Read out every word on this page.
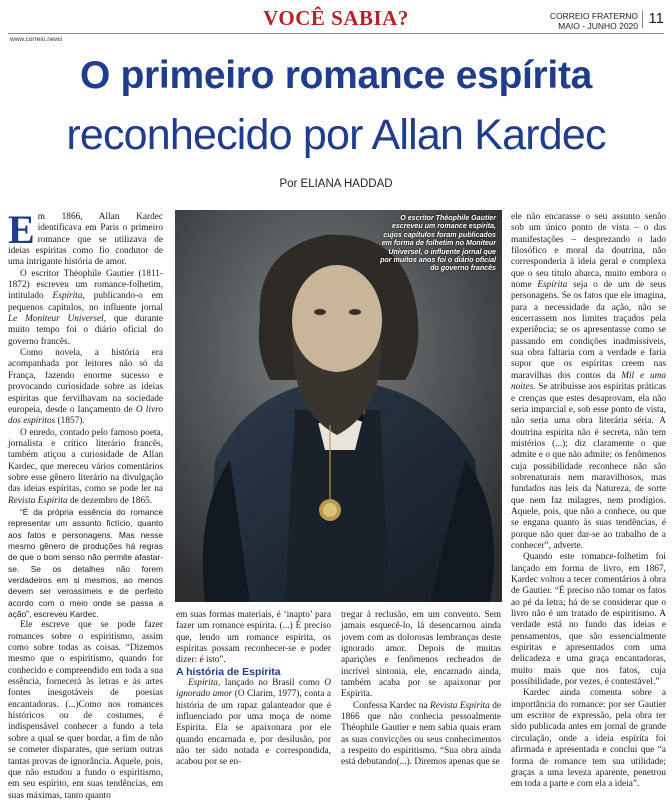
VOCÊ SABIA?
www.correio.news
CORREIO FRATERNO
MAIO - JUNHO 2020 11
O primeiro romance espírita
reconhecido por Allan Kardec
Por ELIANA HADDAD

Em 1866, Allan Kardec identificava em Paris o primeiro romance que se utilizava de ideias espíritas como fio condutor de uma intrigante história de amor.

O escritor Théophile Gautier (1811-1872) escreveu um romance-folhetim, intitulado Espírita, publicando-o em pequenos capítulos, no influente jornal Le Moniteur Universel, que durante muito tempo foi o diário oficial do governo francês.

Como novela, a história era acompanhada por leitores não só da França, fazendo enorme sucesso e provocando curiosidade sobre as ideias espíritas que fervilhavam na sociedade europeia, desde o lançamento de O livro dos espíritos (1857).

O enredo, contado pelo famoso poeta, jornalista e crítico literário francês, também atiçou a curiosidade de Allan Kardec, que mereceu vários comentários sobre esse gênero literário na divulgação das ideias espíritas, como se pode ler na Revista Espírita de dezembro de 1865.

“É da própria essência do romance representar um assunto fictício, quanto aos fatos e personagens. Mas nesse mesmo gênero de produções há regras de que o bom senso não permite afastar-se. Se os detalhes não forem verdadeiros em si mesmos, ao menos devem ser verossímeis e de perfeito acordo com o meio onde se passa a ação”, escreveu Kardec.

Ele escreve que se pode fazer romances sobre o espiritismo, assim como sobre todas as coisas. “Dizemos mesmo que o espiritismo, quando for conhecido e compreendido em toda a sua essência, fornecerá às letras e às artes fontes inesgotáveis de poesias encantadoras. (...)Como nos romances históricos ou de costumes, é indispensável conhecer a fundo a tela sobre a qual se quer bordar, a fim de não se cometer disparates, que seriam outras tantas provas de ignorância. Aquele, pois, que não estudou a fundo o espiritismo, em seu espírito, em suas tendências, em suas máximas, tanto quanto

O escritor Théophile Gautier escreveu um romance espírita, cujos capítulos foram publicados em forma de folhetim no Moniteur Universel, o influente jornal que por muitos anos foi o diário oficial do governo francês

em suas formas materiais, é ‘inapto’ para fazer um romance espírita. (...) É preciso que, lendo um romance espírita, os espíritas possam reconhecer-se e poder dizer: é isto”.

A história de Espírita

Espírita, lançado no Brasil como O ignorado amor (O Clarim, 1977), conta a história de um rapaz galanteador que é influenciado por uma moça de nome Espírita. Ela se apaixonara por ele quando encarnada e, por desilusão, por não ter sido notada e correspondida, acabou por se en-

tregar à reclusão, em um convento. Sem jamais esquecê-lo, lá desencarnou ainda jovem com as dolorosas lembranças deste ignorado amor. Depois de muitas aparições e fenômenos recheados de incrível sintonia, ele, encarnado ainda, também acaba por se apaixonar por Espírita.

Confessa Kardec na Revista Espírita de 1866 que não conhecia pessoalmente Théophile Gautier e nem sabia quais eram as suas convicções ou seus conhecimentos a respeito do espiritismo. “Sua obra ainda está debutando(...). Diremos apenas que se

ele não encarasse o seu assunto senão sob um único ponto de vista – o das manifestações – desprezando o lado filosófico e moral da doutrina, não corresponderia à ideia geral e complexa que o seu título abarca, muito embora o nome Espírita seja o de um de seus personagens. Se os fatos que ele imagina, para a necessidade da ação, não se encerrassem nos limites traçados pela experiência; se os apresentasse como se passando em condições inadmissíveis, sua obra faltaria com a verdade e faria supor que os espíritas creem nas maravilhas dos contos da Mil e uma noites. Se atribuísse aos espíritas práticas e crenças que estes desaprovam, ela não seria imparcial e, sob esse ponto de vista, não seria uma obra literária séria. A doutrina espírita não é secreta, não tem mistérios (...); diz claramente o que admite e o que não admite; os fenômenos cuja possibilidade reconhece não são sobrenaturais nem maravilhosos, mas fundados nas leis da Natureza, de sorte que nem faz milagres, nem prodígios. Aquele, pois, que não a conhece, ou que se engana quanto às suas tendências, é porque não quer dar-se ao trabalho de a conhecer”, adverte.

Quando este romance-folhetim foi lançado em forma de livro, em 1867, Kardec voltou a tecer comentários à obra de Gautier. “É preciso não tomar os fatos ao pé da letra; há de se considerar que o livro não é um tratado de espiritismo. A verdade está no fundo das ideias e pensamentos, que são essencialmente espíritas e apresentados com uma delicadeza e uma graça encantadoras, muito mais que nos fatos, cuja possibilidade, por vezes, é contestável.”

Kardec ainda comenta sobre a importância do romance: por ser Gautier um escritor de expressão, pela obra ter sido publicada antes em jornal de grande circulação, onde a ideia espírita foi afirmada e apresentada e conclui que “a forma de romance tem sua utilidade; graças a uma leveza aparente, penetrou em toda a parte e com ela a ideia”.
